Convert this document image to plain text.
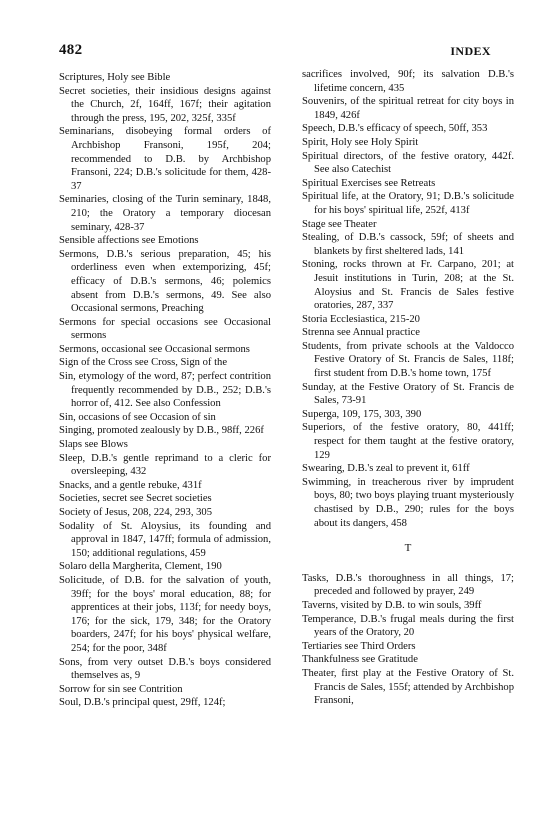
482	INDEX

Scriptures, Holy see Bible

Secret societies, their insidious designs against the Church, 2f, 164ff, 167f; their agitation through the press, 195, 202, 325f, 335f

Seminarians, disobeying formal orders of Archbishop Fransoni, 195f, 204; recommended to D.B. by Archbishop Fransoni, 224; D.B.'s solicitude for them, 428-37

Seminaries, closing of the Turin seminary, 1848, 210; the Oratory a temporary diocesan seminary, 428-37

Sensible affections see Emotions

Sermons, D.B.'s serious preparation, 45; his orderliness even when extemporizing, 45f; efficacy of D.B.'s sermons, 46; polemics absent from D.B.'s sermons, 49. See also Occasional sermons, Preaching

Sermons for special occasions see Occasional sermons

Sermons, occasional see Occasional sermons

Sign of the Cross see Cross, Sign of the

Sin, etymology of the word, 87; perfect contrition frequently recommended by D.B., 252; D.B.'s horror of, 412. See also Confession

Sin, occasions of see Occasion of sin

Singing, promoted zealously by D.B., 98ff, 226f

Slaps see Blows

Sleep, D.B.'s gentle reprimand to a cleric for oversleeping, 432

Snacks, and a gentle rebuke, 431f

Societies, secret see Secret societies

Society of Jesus, 208, 224, 293, 305

Sodality of St. Aloysius, its founding and approval in 1847, 147ff; formula of admission, 150; additional regulations, 459

Solaro della Margherita, Clement, 190

Solicitude, of D.B. for the salvation of youth, 39ff; for the boys' moral education, 88; for apprentices at their jobs, 113f; for needy boys, 176; for the sick, 179, 348; for the Oratory boarders, 247f; for his boys' physical welfare, 254; for the poor, 348f

Sons, from very outset D.B.'s boys considered themselves as, 9

Sorrow for sin see Contrition

Soul, D.B.'s principal quest, 29ff, 124f;

sacrifices involved, 90f; its salvation D.B.'s lifetime concern, 435

Souvenirs, of the spiritual retreat for city boys in 1849, 426f

Speech, D.B.'s efficacy of speech, 50ff, 353

Spirit, Holy see Holy Spirit

Spiritual directors, of the festive oratory, 442f. See also Catechist

Spiritual Exercises see Retreats

Spiritual life, at the Oratory, 91; D.B.'s solicitude for his boys' spiritual life, 252f, 413f

Stage see Theater

Stealing, of D.B.'s cassock, 59f; of sheets and blankets by first sheltered lads, 141

Stoning, rocks thrown at Fr. Carpano, 201; at Jesuit institutions in Turin, 208; at the St. Aloysius and St. Francis de Sales festive oratories, 287, 337

Storia Ecclesiastica, 215-20

Strenna see Annual practice

Students, from private schools at the Valdocco Festive Oratory of St. Francis de Sales, 118f; first student from D.B.'s home town, 175f

Sunday, at the Festive Oratory of St. Francis de Sales, 73-91

Superga, 109, 175, 303, 390

Superiors, of the festive oratory, 80, 441ff; respect for them taught at the festive oratory, 129

Swearing, D.B.'s zeal to prevent it, 61ff

Swimming, in treacherous river by imprudent boys, 80; two boys playing truant mysteriously chastised by D.B., 290; rules for the boys about its dangers, 458

T

Tasks, D.B.'s thoroughness in all things, 17; preceded and followed by prayer, 249

Taverns, visited by D.B. to win souls, 39ff

Temperance, D.B.'s frugal meals during the first years of the Oratory, 20

Tertiaries see Third Orders

Thankfulness see Gratitude

Theater, first play at the Festive Oratory of St. Francis de Sales, 155f; attended by Archbishop Fransoni,
